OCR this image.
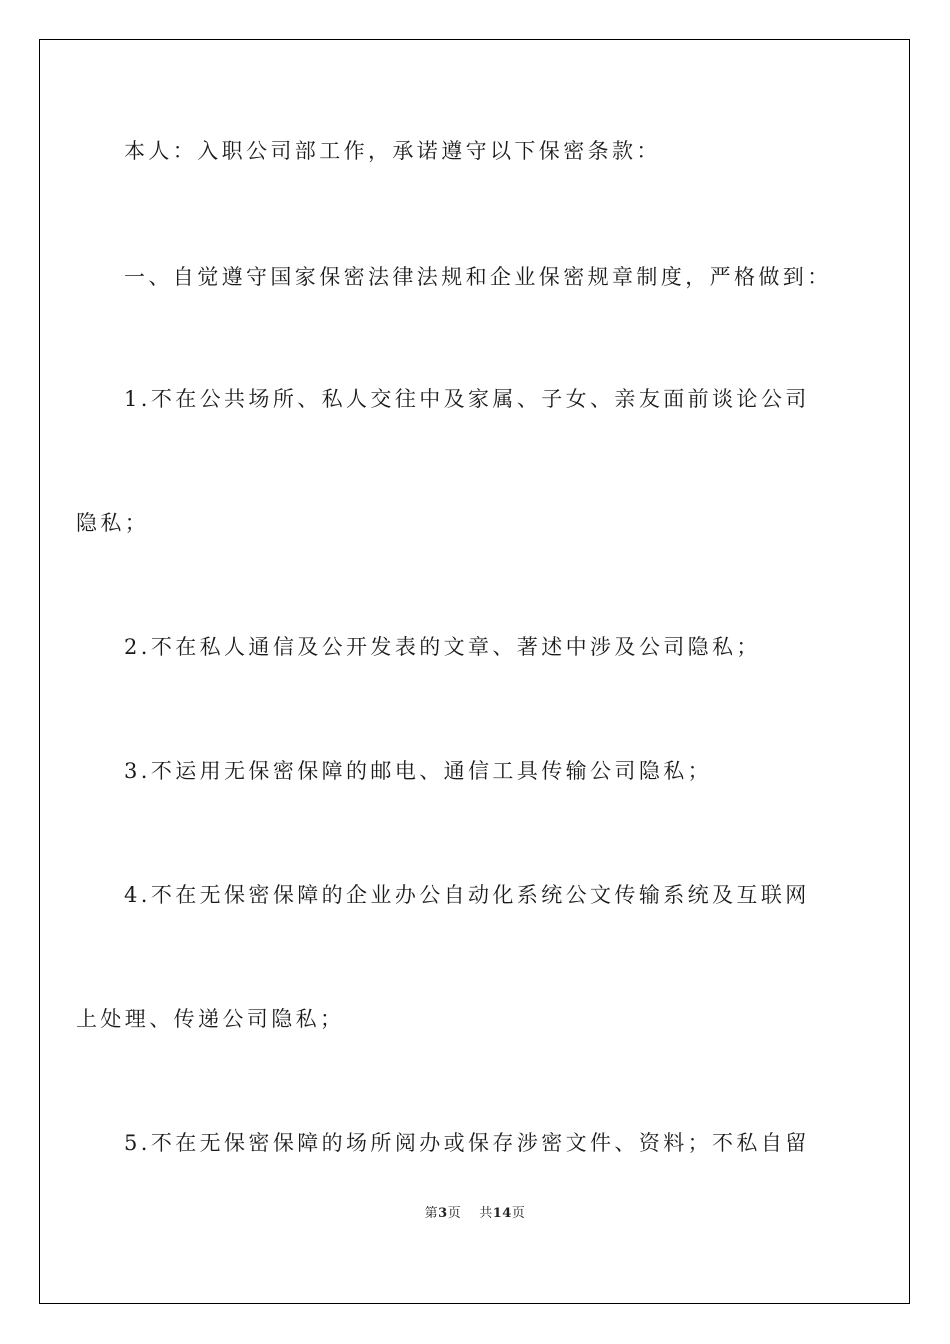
本人：入职公司部工作，承诺遵守以下保密条款：
一、自觉遵守国家保密法律法规和企业保密规章制度，严格做到：
1.不在公共场所、私人交往中及家属、子女、亲友面前谈论公司
隐私；
2.不在私人通信及公开发表的文章、著述中涉及公司隐私；
3.不运用无保密保障的邮电、通信工具传输公司隐私；
4.不在无保密保障的企业办公自动化系统公文传输系统及互联网
上处理、传递公司隐私；
5.不在无保密保障的场所阅办或保存涉密文件、资料；不私自留
第3页 共14页
